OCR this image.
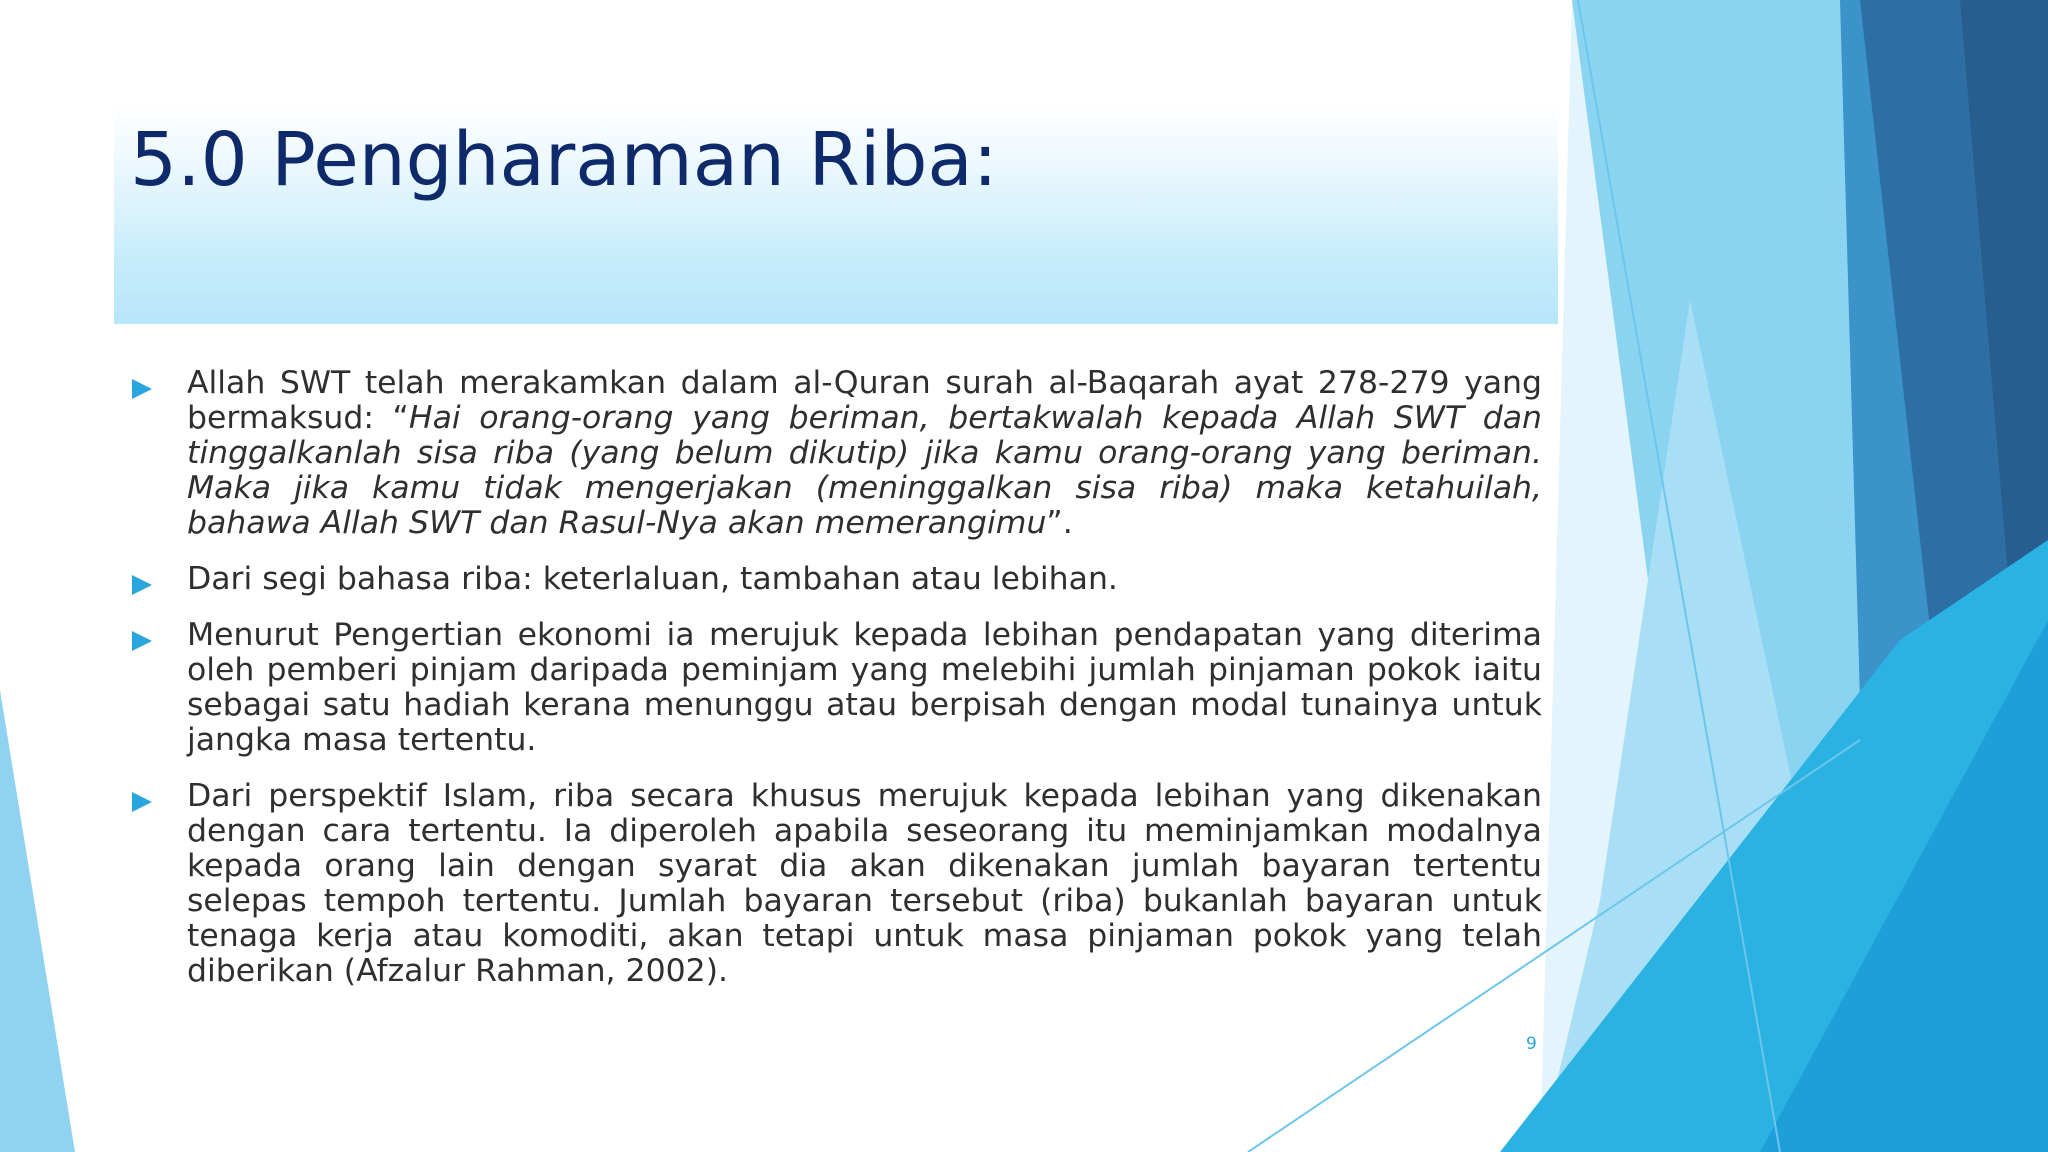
5.0 Pengharaman Riba:

Allah SWT telah merakamkan dalam al-Quran surah al-Baqarah ayat 278-279 yang bermaksud: “Hai orang-orang yang beriman, bertakwalah kepada Allah SWT dan tinggalkanlah sisa riba (yang belum dikutip) jika kamu orang-orang yang beriman. Maka jika kamu tidak mengerjakan (meninggalkan sisa riba) maka ketahuilah, bahawa Allah SWT dan Rasul-Nya akan memerangimu”.

Dari segi bahasa riba: keterlaluan, tambahan atau lebihan.

Menurut Pengertian ekonomi ia merujuk kepada lebihan pendapatan yang diterima oleh pemberi pinjam daripada peminjam yang melebihi jumlah pinjaman pokok iaitu sebagai satu hadiah kerana menunggu atau berpisah dengan modal tunainya untuk jangka masa tertentu.

Dari perspektif Islam, riba secara khusus merujuk kepada lebihan yang dikenakan dengan cara tertentu. Ia diperoleh apabila seseorang itu meminjamkan modalnya kepada orang lain dengan syarat dia akan dikenakan jumlah bayaran tertentu selepas tempoh tertentu. Jumlah bayaran tersebut (riba) bukanlah bayaran untuk tenaga kerja atau komoditi, akan tetapi untuk masa pinjaman pokok yang telah diberikan (Afzalur Rahman, 2002).

9
